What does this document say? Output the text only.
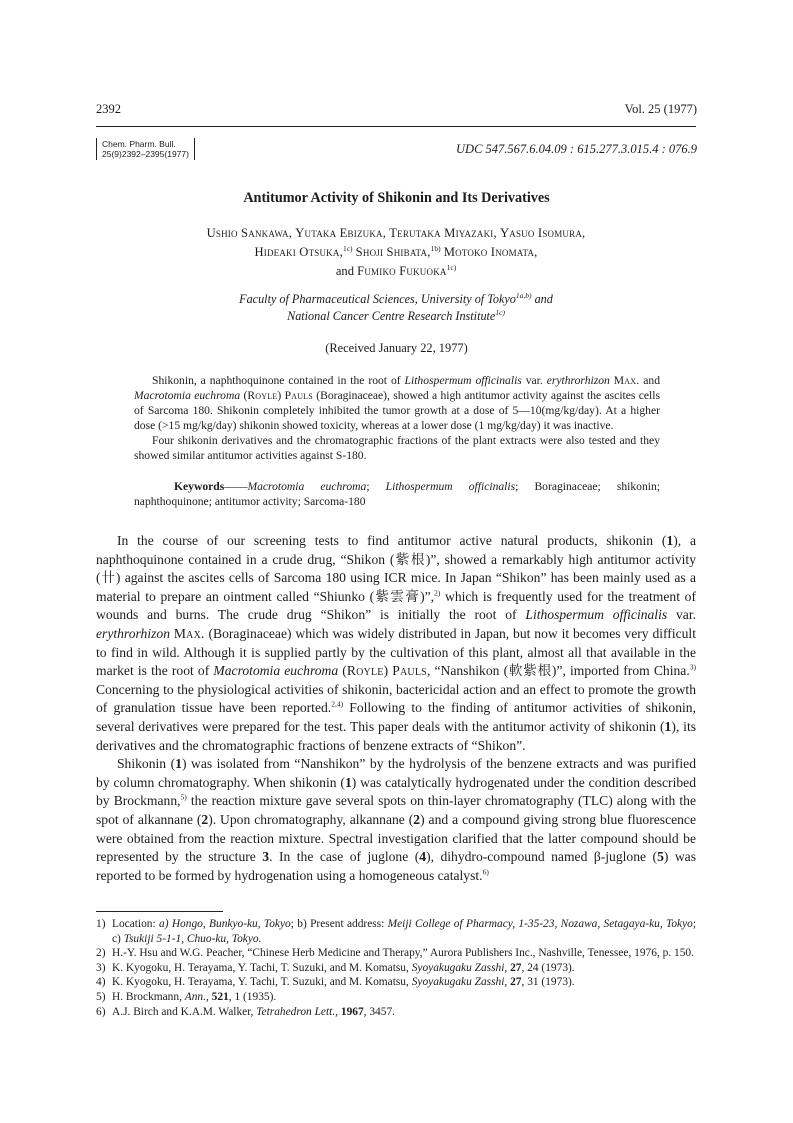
2392	Vol. 25 (1977)
Chem. Pharm. Bull.
25(9)2392–2395(1977)	UDC 547.567.6.04.09 : 615.277.3.015.4 : 076.9
Antitumor Activity of Shikonin and Its Derivatives
Ushio Sankawa, Yutaka Ebizuka, Terutaka Miyazaki, Yasuo Isomura,
Hideaki Otsuka,$^{1c)}$ Shoji Shibata,$^{1b)}$ Motoko Inomata,
and Fumiko Fukuoka$^{1c)}$
Faculty of Pharmaceutical Sciences, University of Tokyo$^{1a,b)}$ and
National Cancer Centre Research Institute$^{1c)}$
(Received January 22, 1977)

Shikonin, a naphthoquinone contained in the root of Lithospermum officinalis var. erythrorhizon Max. and Macrotomia euchroma (Royle) Pauls (Boraginaceae), showed a high antitumor activity against the ascites cells of Sarcoma 180. Shikonin completely inhibited the tumor growth at a dose of 5—10(mg/kg/day). At a higher dose (>15 mg/kg/day) shikonin showed toxicity, whereas at a lower dose (1 mg/kg/day) it was inactive.

Four shikonin derivatives and the chromatographic fractions of the plant extracts were also tested and they showed similar antitumor activities against S-180.

Keywords——Macrotomia euchroma; Lithospermum officinalis; Boraginaceae; shikonin; naphthoquinone; antitumor activity; Sarcoma-180

In the course of our screening tests to find antitumor active natural products, shikonin (1), a naphthoquinone contained in a crude drug, “Shikon (紫根)”, showed a remarkably high antitumor activity (卄) against the ascites cells of Sarcoma 180 using ICR mice. In Japan “Shikon” has been mainly used as a material to prepare an ointment called “Shiunko (紫雲膏)”,$^{2)}$ which is frequently used for the treatment of wounds and burns. The crude drug “Shikon” is initially the root of Lithospermum officinalis var. erythrorhizon Max. (Boraginaceae) which was widely distributed in Japan, but now it becomes very difficult to find in wild. Although it is supplied partly by the cultivation of this plant, almost all that available in the market is the root of Macrotomia euchroma (Royle) Pauls, “Nanshikon (軟紫根)”, imported from China.$^{3)}$ Concerning to the physiological activities of shikonin, bactericidal action and an effect to promote the growth of granulation tissue have been reported.$^{2,4)}$ Following to the finding of antitumor activities of shikonin, several derivatives were prepared for the test. This paper deals with the antitumor activity of shikonin (1), its derivatives and the chromatographic fractions of benzene extracts of “Shikon”.

Shikonin (1) was isolated from “Nanshikon” by the hydrolysis of the benzene extracts and was purified by column chromatography. When shikonin (1) was catalytically hydrogenated under the condition described by Brockmann,$^{5)}$ the reaction mixture gave several spots on thin-layer chromatography (TLC) along with the spot of alkannane (2). Upon chromatography, alkannane (2) and a compound giving strong blue fluorescence were obtained from the reaction mixture. Spectral investigation clarified that the latter compound should be represented by the structure 3. In the case of juglone (4), dihydro-compound named β-juglone (5) was reported to be formed by hydrogenation using a homogeneous catalyst.$^{6)}$

1) Location: a) Hongo, Bunkyo-ku, Tokyo; b) Present address: Meiji College of Pharmacy, 1-35-23, Nozawa, Setagaya-ku, Tokyo; c) Tsukiji 5-1-1, Chuo-ku, Tokyo.
2) H.-Y. Hsu and W.G. Peacher, “Chinese Herb Medicine and Therapy,” Aurora Publishers Inc., Nashville, Tenessee, 1976, p. 150.
3) K. Kyogoku, H. Terayama, Y. Tachi, T. Suzuki, and M. Komatsu, Syoyakugaku Zasshi, 27, 24 (1973).
4) K. Kyogoku, H. Terayama, Y. Tachi, T. Suzuki, and M. Komatsu, Syoyakugaku Zasshi, 27, 31 (1973).
5) H. Brockmann, Ann., 521, 1 (1935).
6) A.J. Birch and K.A.M. Walker, Tetrahedron Lett., 1967, 3457.
